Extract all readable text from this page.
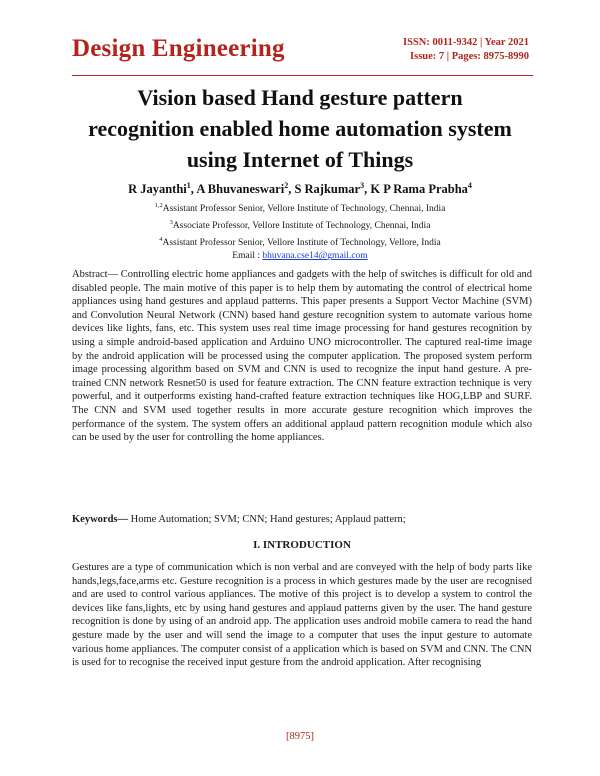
Design Engineering	ISSN: 0011-9342 | Year 2021
Issue: 7 | Pages: 8975-8990
Vision based Hand gesture pattern
recognition enabled home automation system
using Internet of Things
R Jayanthi$^1$, A Bhuvaneswari$^2$, S Rajkumar$^3$, K P Rama Prabha$^4$
$^{1,2}$Assistant Professor Senior, Vellore Institute of Technology, Chennai, India
$^3$Associate Professor, Vellore Institute of Technology, Chennai, India
$^4$Assistant Professor Senior, Vellore Institute of Technology, Vellore, India
Email : bhuvana.cse14@gmail.com

Abstract— Controlling electric home appliances and gadgets with the help of switches is difficult for old and disabled people. The main motive of this paper is to help them by automating the control of electrical home appliances using hand gestures and applaud patterns. This paper presents a Support Vector Machine (SVM) and Convolution Neural Network (CNN) based hand gesture recognition system to automate various home devices like lights, fans, etc. This system uses real time image processing for hand gestures recognition by using a simple android-based application and Arduino UNO microcontroller. The captured real-time image by the android application will be processed using the computer application. The proposed system perform image processing algorithm based on SVM and CNN is used to recognize the input hand gesture. A pre-trained CNN network Resnet50 is used for feature extraction. The CNN feature extraction technique is very powerful, and it outperforms existing hand-crafted feature extraction techniques like HOG,LBP and SURF. The CNN and SVM used together results in more accurate gesture recognition which improves the performance of the system. The system offers an additional applaud pattern recognition module which also can be used by the user for controlling the home appliances.

Keywords— Home Automation; SVM; CNN; Hand gestures; Applaud pattern;
I. INTRODUCTION

Gestures are a type of communication which is non verbal and are conveyed with the help of body parts like hands,legs,face,arms etc. Gesture recognition is a process in which gestures made by the user are recognised and are used to control various appliances. The motive of this project is to develop a system to control the devices like fans,lights, etc by using hand gestures and applaud patterns given by the user. The hand gesture recognition is done by using of an android app. The application uses android mobile camera to read the hand gesture made by the user and will send the image to a computer that uses the input gesture to automate various home appliances. The computer consist of a application which is based on SVM and CNN. The CNN is used for to recognise the received input gesture from the android application. After recognising

[8975]
